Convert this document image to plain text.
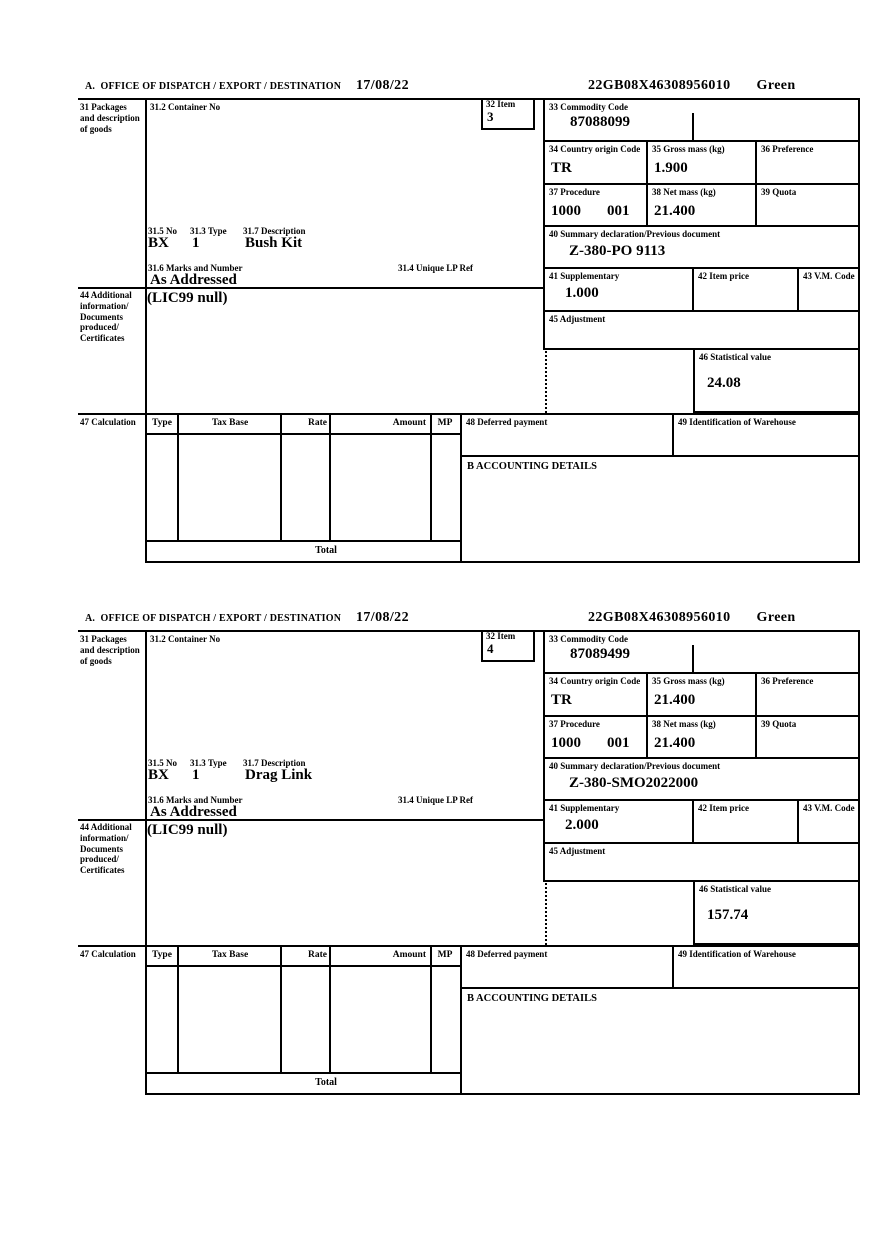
A.  OFFICE OF DISPATCH / EXPORT / DESTINATION 17/08/22	22GB08X46308956010 Green
31 Packages and description of goods
44 Additional information/ Documents produced/ Certificates
47 Calculation
31.2 Container No	32 Item
3
31.5 No 31.3 Type 31.7 Description
BX 1	Bush Kit
31.6 Marks and Number	31.4 Unique LP Ref
As Addressed
(LIC99 null)
33 Commodity Code
87088099
34 Country origin Code
TR
35 Gross mass (kg)
1.900
36 Preference
37 Procedure
1000 001
38 Net mass (kg)
21.400
39 Quota
40 Summary declaration/Previous document
Z-380-PO 9113
41 Supplementary
1.000
42 Item price	43 V.M. Code
45 Adjustment
46 Statistical value
24.08
Type	Tax Base	Rate	Amount	MP
Total
48 Deferred payment	49 Identification of Warehouse
B ACCOUNTING DETAILS
A.  OFFICE OF DISPATCH / EXPORT / DESTINATION 17/08/22	22GB08X46308956010 Green
31 Packages and description of goods
44 Additional information/ Documents produced/ Certificates
47 Calculation
31.2 Container No	32 Item
4
31.5 No 31.3 Type 31.7 Description
BX 1	Drag Link
31.6 Marks and Number	31.4 Unique LP Ref
As Addressed
(LIC99 null)
33 Commodity Code
87089499
34 Country origin Code
TR
35 Gross mass (kg)
21.400
36 Preference
37 Procedure
1000 001
38 Net mass (kg)
21.400
39 Quota
40 Summary declaration/Previous document
Z-380-SMO2022000
41 Supplementary
2.000
42 Item price	43 V.M. Code
45 Adjustment
46 Statistical value
157.74
Type	Tax Base	Rate	Amount	MP
Total
48 Deferred payment	49 Identification of Warehouse
B ACCOUNTING DETAILS
